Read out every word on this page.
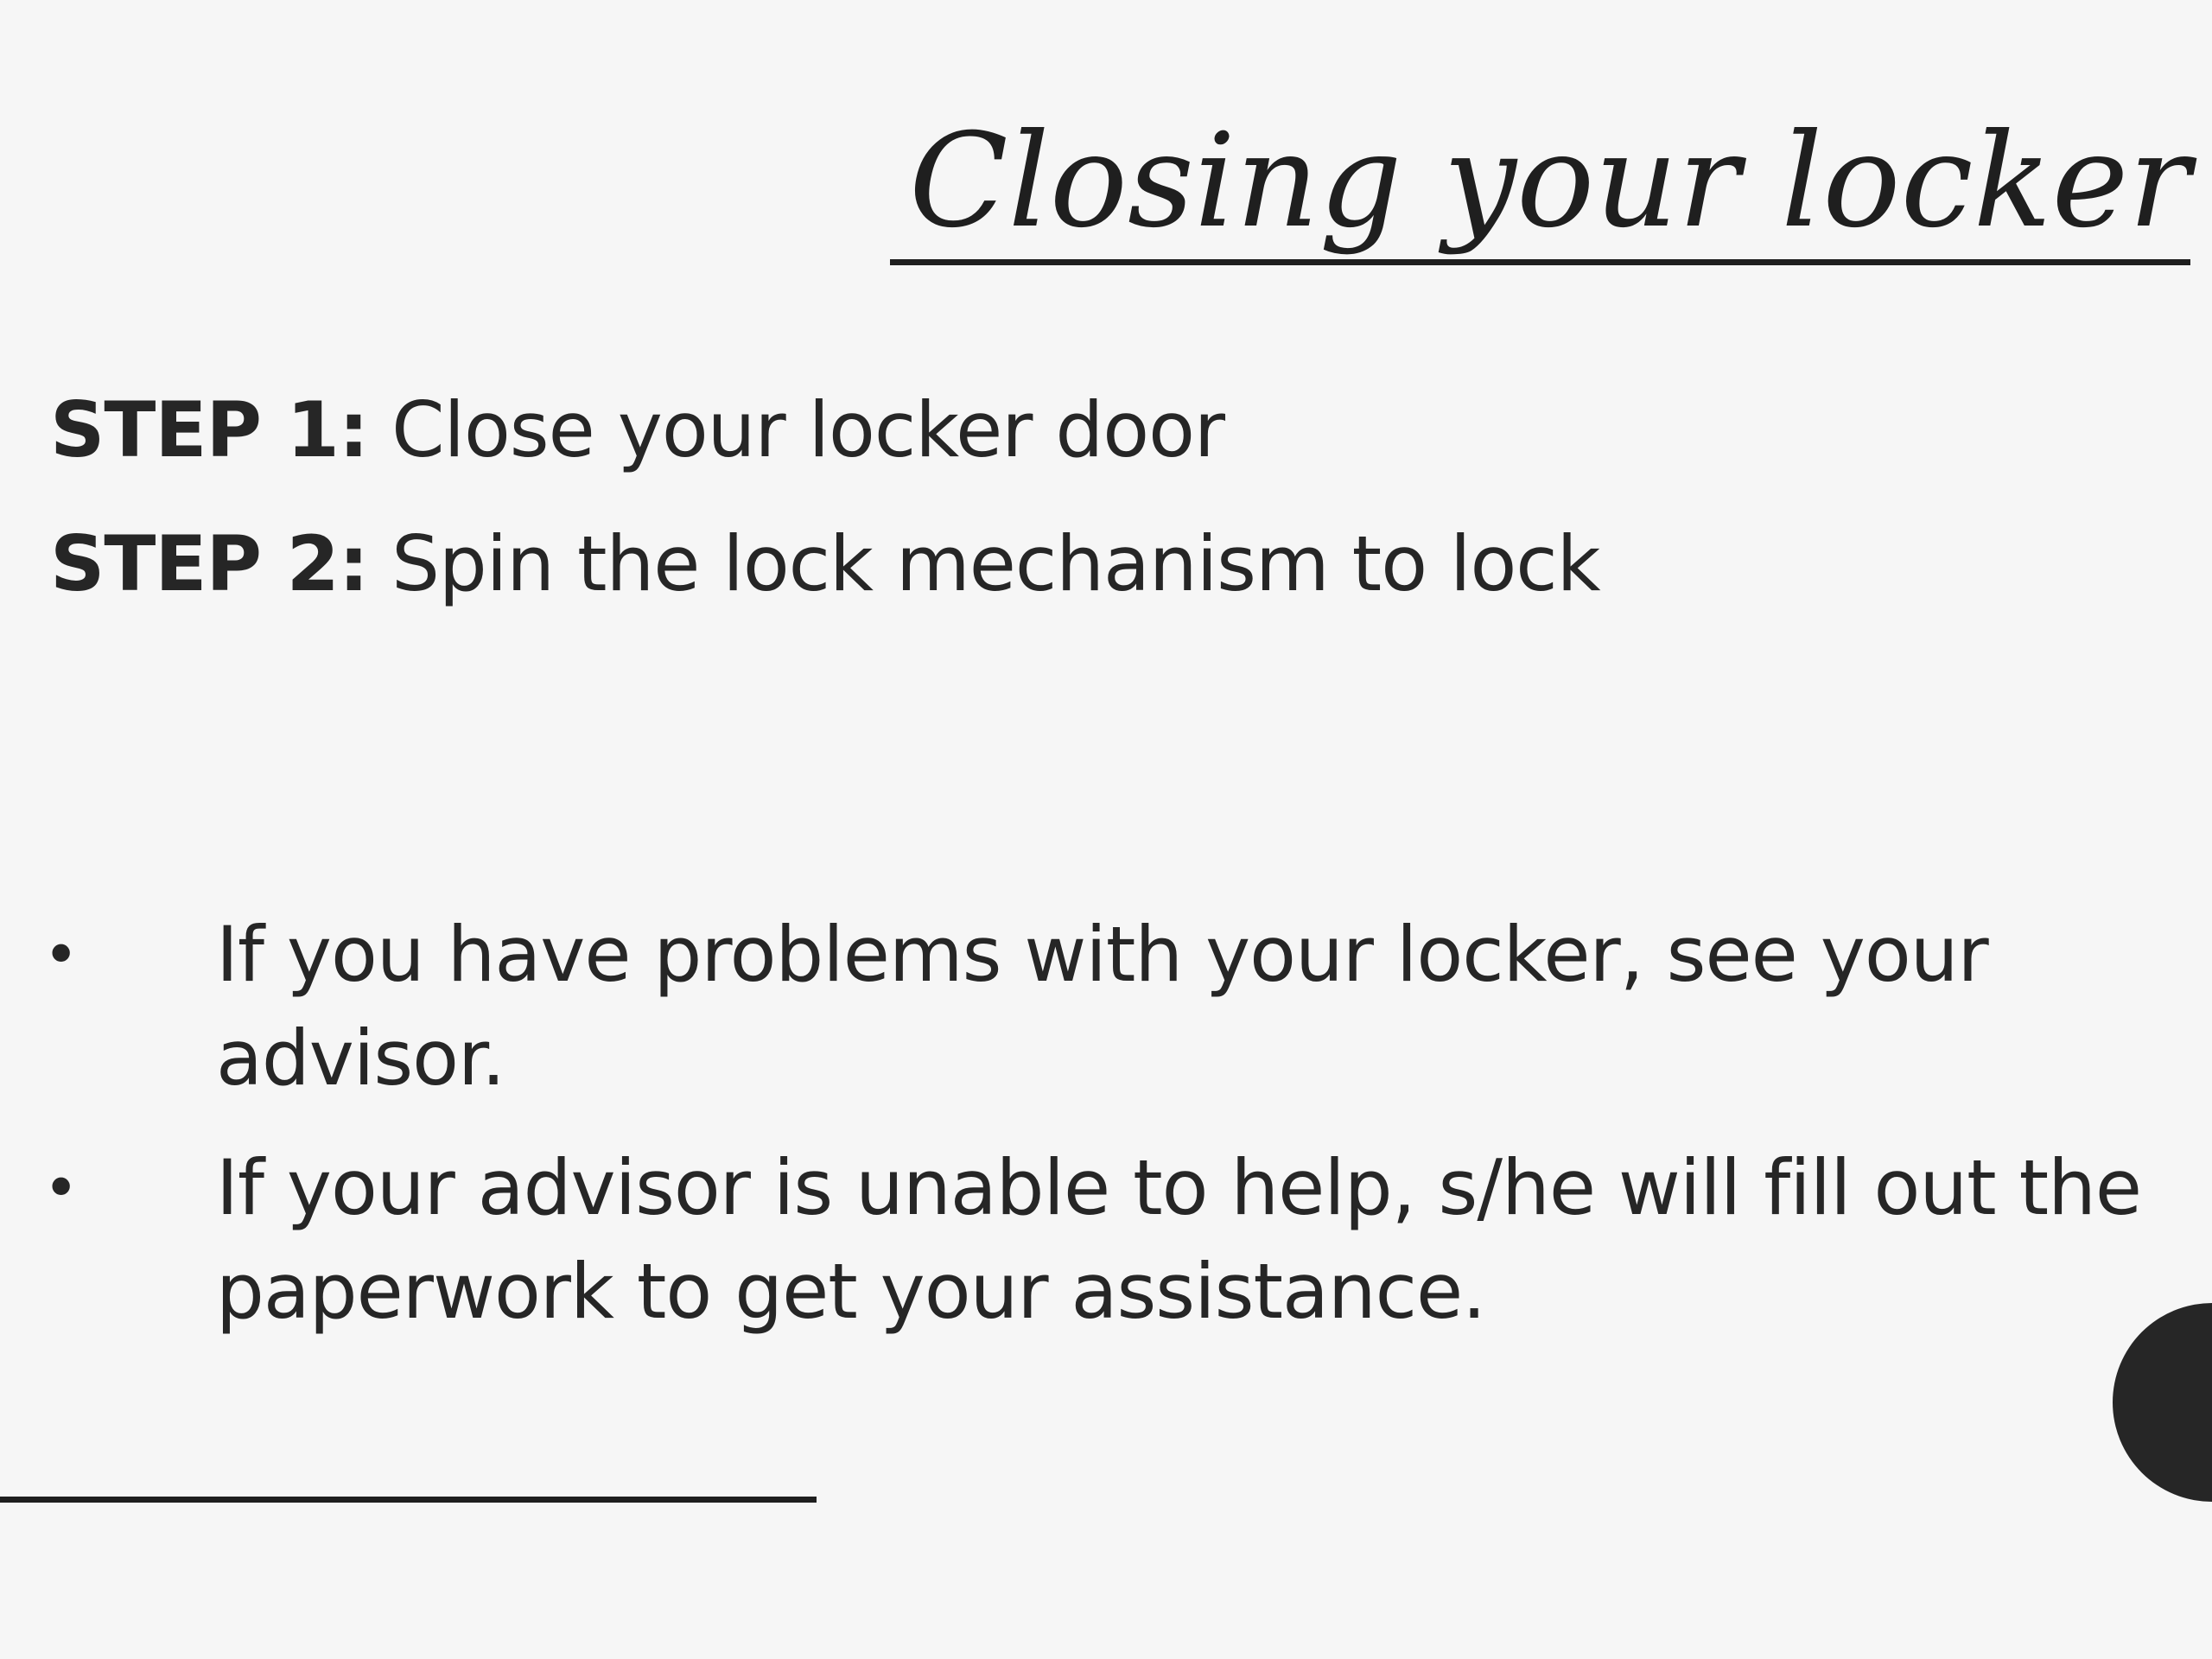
Closing your locker
STEP 1: Close your locker door
STEP 2: Spin the lock mechanism to lock
• If you have problems with your locker, see your advisor.
• If your advisor is unable to help, s/he will fill out the paperwork to get your assistance.
